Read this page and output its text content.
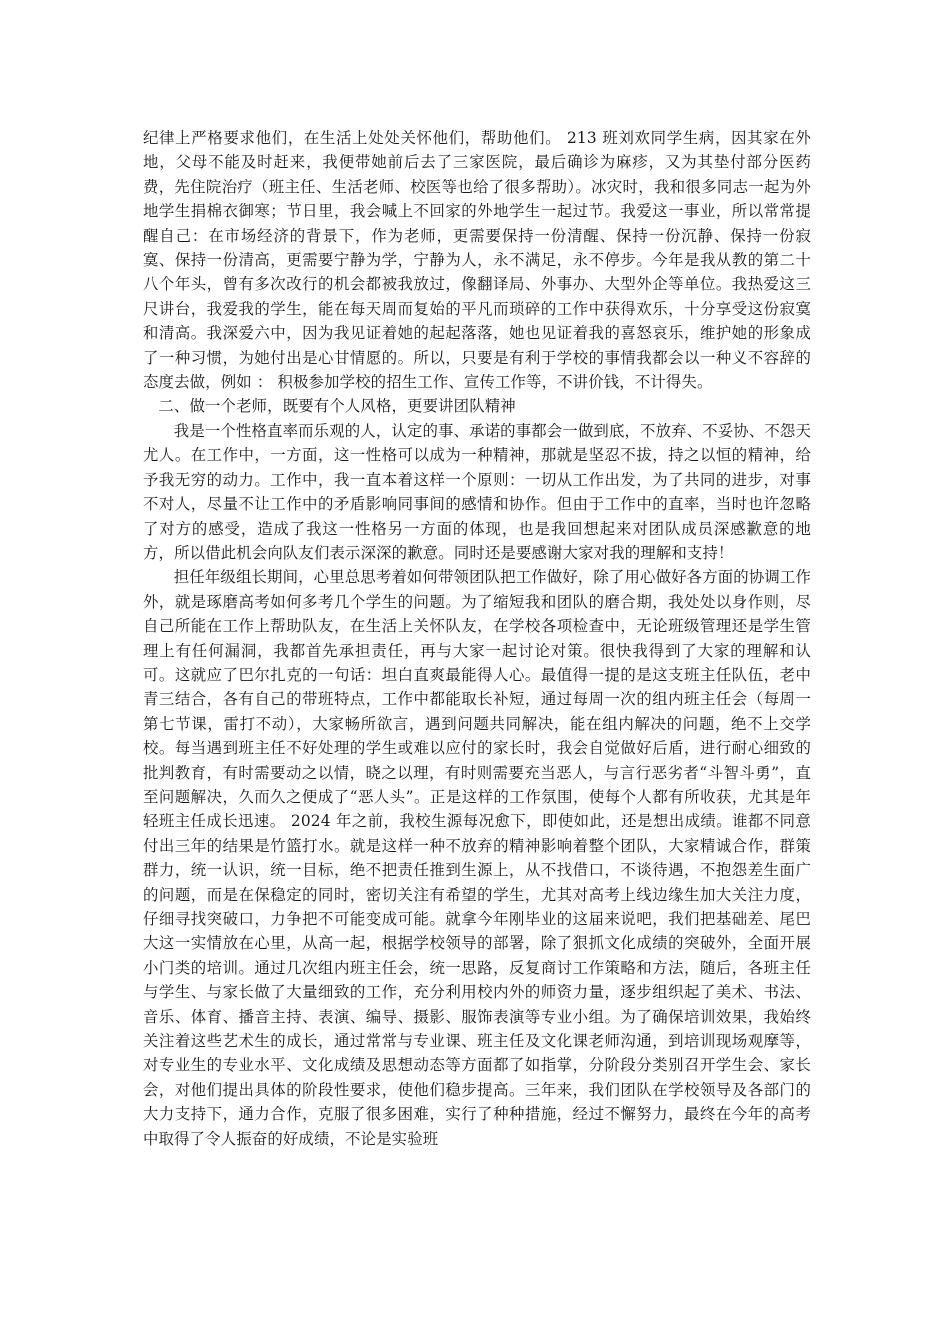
纪律上严格要求他们，在生活上处处关怀他们，帮助他们。 213 班刘欢同学生病，因其家在外地，父母不能及时赶来，我便带她前后去了三家医院，最后确诊为麻疹，又为其垫付部分医药费，先住院治疗（班主任、生活老师、校医等也给了很多帮助）。冰灾时，我和很多同志一起为外地学生捐棉衣御寒；节日里，我会喊上不回家的外地学生一起过节。我爱这一事业，所以常常提醒自己：在市场经济的背景下，作为老师，更需要保持一份清醒、保持一份沉静、保持一份寂寞、保持一份清高，更需要宁静为学，宁静为人，永不满足，永不停步。今年是我从教的第二十八个年头，曾有多次改行的机会都被我放过，像翻译局、外事办、大型外企等单位。我热爱这三尺讲台，我爱我的学生，能在每天周而复始的平凡而琐碎的工作中获得欢乐，十分享受这份寂寞和清高。我深爱六中，因为我见证着她的起起落落，她也见证着我的喜怒哀乐，维护她的形象成了一种习惯，为她付出是心甘情愿的。所以，只要是有利于学校的事情我都会以一种义不容辞的态度去做，例如 ： 积极参加学校的招生工作、宣传工作等，不讲价钱，不计得失。

二、做一个老师，既要有个人风格，更要讲团队精神

我是一个性格直率而乐观的人，认定的事、承诺的事都会一做到底，不放弃、不妥协、不怨天尤人。在工作中，一方面，这一性格可以成为一种精神，那就是坚忍不拔，持之以恒的精神，给予我无穷的动力。工作中，我一直本着这样一个原则：一切从工作出发，为了共同的进步，对事不对人，尽量不让工作中的矛盾影响同事间的感情和协作。但由于工作中的直率，当时也许忽略了对方的感受，造成了我这一性格另一方面的体现，也是我回想起来对团队成员深感歉意的地方，所以借此机会向队友们表示深深的歉意。同时还是要感谢大家对我的理解和支持！

担任年级组长期间，心里总思考着如何带领团队把工作做好，除了用心做好各方面的协调工作外，就是琢磨高考如何多考几个学生的问题。为了缩短我和团队的磨合期，我处处以身作则，尽自己所能在工作上帮助队友，在生活上关怀队友，在学校各项检查中，无论班级管理还是学生管理上有任何漏洞，我都首先承担责任，再与大家一起讨论对策。很快我得到了大家的理解和认可。这就应了巴尔扎克的一句话：坦白直爽最能得人心。最值得一提的是这支班主任队伍，老中青三结合，各有自己的带班特点，工作中都能取长补短，通过每周一次的组内班主任会（每周一第七节课，雷打不动），大家畅所欲言，遇到问题共同解决，能在组内解决的问题，绝不上交学校。每当遇到班主任不好处理的学生或难以应付的家长时，我会自觉做好后盾，进行耐心细致的批判教育，有时需要动之以情，晓之以理，有时则需要充当恶人，与言行恶劣者“斗智斗勇”，直至问题解决，久而久之便成了“恶人头”。正是这样的工作氛围，使每个人都有所收获，尤其是年轻班主任成长迅速。 2024 年之前，我校生源每况愈下，即使如此，还是想出成绩。谁都不同意付出三年的结果是竹篮打水。就是这样一种不放弃的精神影响着整个团队，大家精诚合作，群策群力，统一认识，统一目标，绝不把责任推到生源上，从不找借口，不谈待遇，不抱怨差生面广的问题，而是在保稳定的同时，密切关注有希望的学生，尤其对高考上线边缘生加大关注力度，仔细寻找突破口，力争把不可能变成可能。就拿今年刚毕业的这届来说吧，我们把基础差、尾巴大这一实情放在心里，从高一起，根据学校领导的部署，除了狠抓文化成绩的突破外，全面开展小门类的培训。通过几次组内班主任会，统一思路，反复商讨工作策略和方法，随后，各班主任与学生、与家长做了大量细致的工作，充分利用校内外的师资力量，逐步组织起了美术、书法、音乐、体育、播音主持、表演、编导、摄影、服饰表演等专业小组。为了确保培训效果，我始终关注着这些艺术生的成长，通过常常与专业课、班主任及文化课老师沟通，到培训现场观摩等，对专业生的专业水平、文化成绩及思想动态等方面都了如指掌，分阶段分类别召开学生会、家长会，对他们提出具体的阶段性要求，使他们稳步提高。三年来，我们团队在学校领导及各部门的大力支持下，通力合作，克服了很多困难，实行了种种措施，经过不懈努力，最终在今年的高考中取得了令人振奋的好成绩，不论是实验班
